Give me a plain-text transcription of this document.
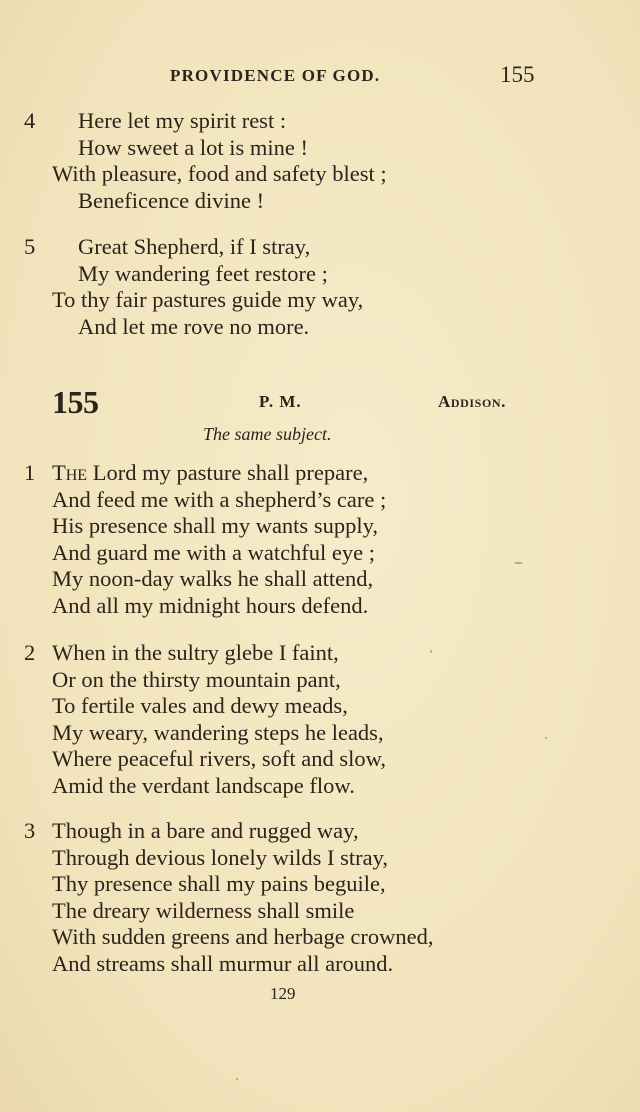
PROVIDENCE OF GOD.	155
4 Here let my spirit rest :
How sweet a lot is mine !
With pleasure, food and safety blest ;
Beneficence divine !
5 Great Shepherd, if I stray,
My wandering feet restore ;
To thy fair pastures guide my way,
And let me rove no more.
155	P. M.	Addison.
The same subject.
1 The Lord my pasture shall prepare,
And feed me with a shepherd’s care ;
His presence shall my wants supply,
And guard me with a watchful eye ;
My noon-day walks he shall attend,
And all my midnight hours defend.
2 When in the sultry glebe I faint,
Or on the thirsty mountain pant,
To fertile vales and dewy meads,
My weary, wandering steps he leads,
Where peaceful rivers, soft and slow,
Amid the verdant landscape flow.
3 Though in a bare and rugged way,
Through devious lonely wilds I stray,
Thy presence shall my pains beguile,
The dreary wilderness shall smile
With sudden greens and herbage crowned,
And streams shall murmur all around.
129
